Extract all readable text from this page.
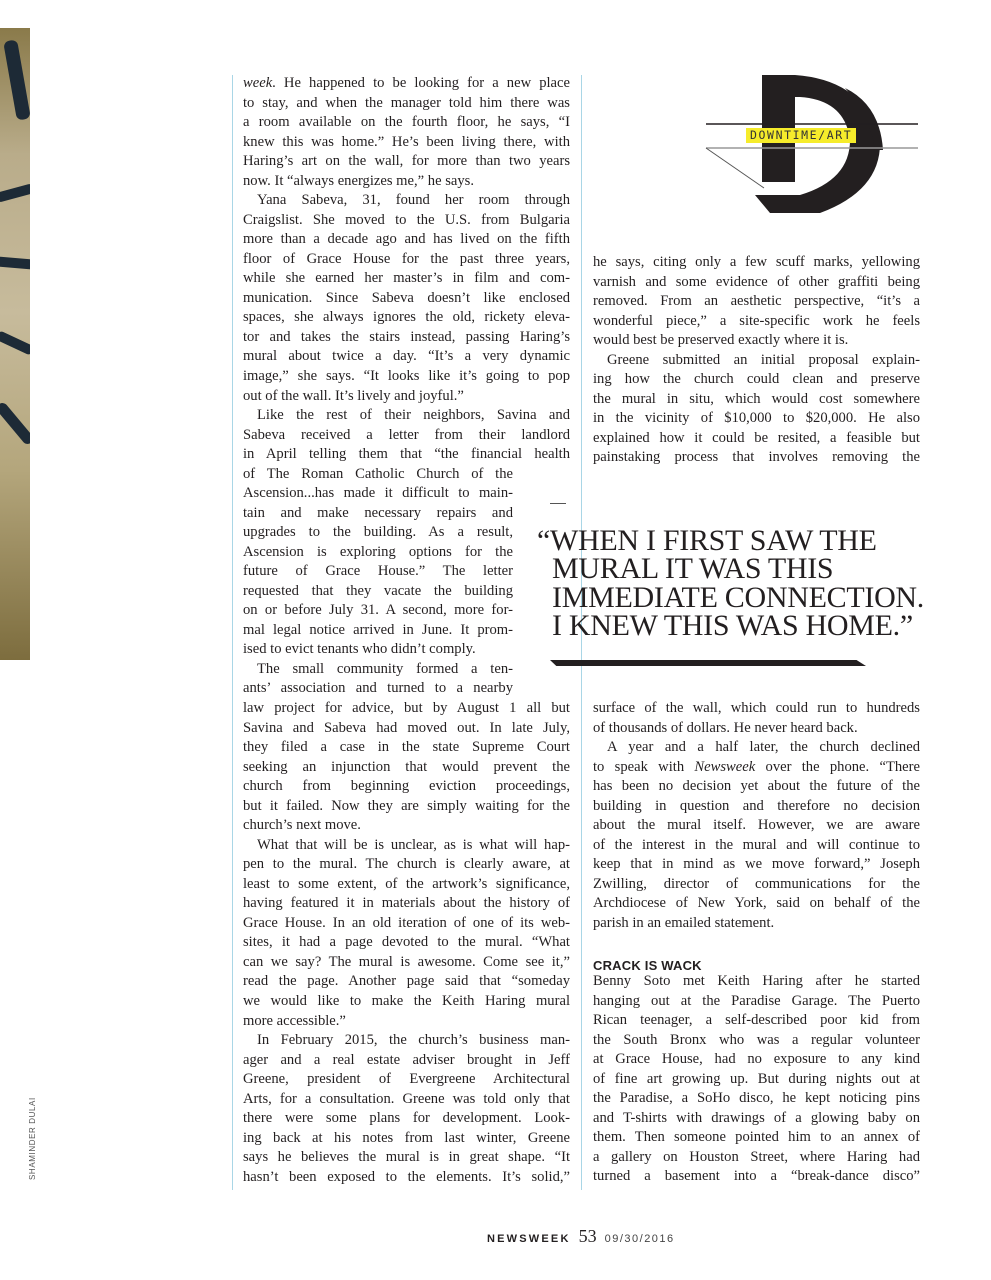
DOWNTIME/ART
week. He happened to be looking for a new place
to stay, and when the manager told him there was
a room available on the fourth floor, he says, “I
knew this was home.” He’s been living there, with
Haring’s art on the wall, for more than two years
now. It “always energizes me,” he says.
Yana Sabeva, 31, found her room through
Craigslist. She moved to the U.S. from Bulgaria
more than a decade ago and has lived on the fifth
floor of Grace House for the past three years,
while she earned her master’s in film and com-
munication. Since Sabeva doesn’t like enclosed
spaces, she always ignores the old, rickety eleva-
tor and takes the stairs instead, passing Haring’s
mural about twice a day. “It’s a very dynamic
image,” she says. “It looks like it’s going to pop
out of the wall. It’s lively and joyful.”
Like the rest of their neighbors, Savina and
Sabeva received a letter from their landlord
in April telling them that “the financial health
of The Roman Catholic Church of the
Ascension...has made it difficult to main-
tain and make necessary repairs and
upgrades to the building. As a result,
Ascension is exploring options for the
future of Grace House.” The letter
requested that they vacate the building
on or before July 31. A second, more for-
mal legal notice arrived in June. It prom-
ised to evict tenants who didn’t comply.
The small community formed a ten-
ants’ association and turned to a nearby
law project for advice, but by August 1 all but
Savina and Sabeva had moved out. In late July,
they filed a case in the state Supreme Court
seeking an injunction that would prevent the
church from beginning eviction proceedings,
but it failed. Now they are simply waiting for the
church’s next move.
What that will be is unclear, as is what will hap-
pen to the mural. The church is clearly aware, at
least to some extent, of the artwork’s significance,
having featured it in materials about the history of
Grace House. In an old iteration of one of its web-
sites, it had a page devoted to the mural. “What
can we say? The mural is awesome. Come see it,”
read the page. Another page said that “someday
we would like to make the Keith Haring mural
more accessible.”
In February 2015, the church’s business man-
ager and a real estate adviser brought in Jeff
Greene, president of Evergreene Architectural
Arts, for a consultation. Greene was told only that
there were some plans for development. Look-
ing back at his notes from last winter, Greene
says he believes the mural is in great shape. “It
hasn’t been exposed to the elements. It’s solid,”
he says, citing only a few scuff marks, yellowing
varnish and some evidence of other graffiti being
removed. From an aesthetic perspective, “it’s a
wonderful piece,” a site-specific work he feels
would best be preserved exactly where it is.
Greene submitted an initial proposal explain-
ing how the church could clean and preserve
the mural in situ, which would cost somewhere
in the vicinity of $10,000 to $20,000. He also
explained how it could be resited, a feasible but
painstaking process that involves removing the
surface of the wall, which could run to hundreds
of thousands of dollars. He never heard back.
A year and a half later, the church declined
to speak with Newsweek over the phone. “There
has been no decision yet about the future of the
building in question and therefore no decision
about the mural itself. However, we are aware
of the interest in the mural and will continue to
keep that in mind as we move forward,” Joseph
Zwilling, director of communications for the
Archdiocese of New York, said on behalf of the
parish in an emailed statement.
CRACK IS WACK
Benny Soto met Keith Haring after he started
hanging out at the Paradise Garage. The Puerto
Rican teenager, a self-described poor kid from
the South Bronx who was a regular volunteer
at Grace House, had no exposure to any kind
of fine art growing up. But during nights out at
the Paradise, a SoHo disco, he kept noticing pins
and T-shirts with drawings of a glowing baby on
them. Then someone pointed him to an annex of
a gallery on Houston Street, where Haring had
turned a basement into a “break-dance disco”
“WHEN I FIRST SAW THE
MURAL IT WAS THIS
IMMEDIATE CONNECTION.
I KNEW THIS WAS HOME.”
SHAMINDER DULAI
NEWSWEEK 53 09/30/2016
